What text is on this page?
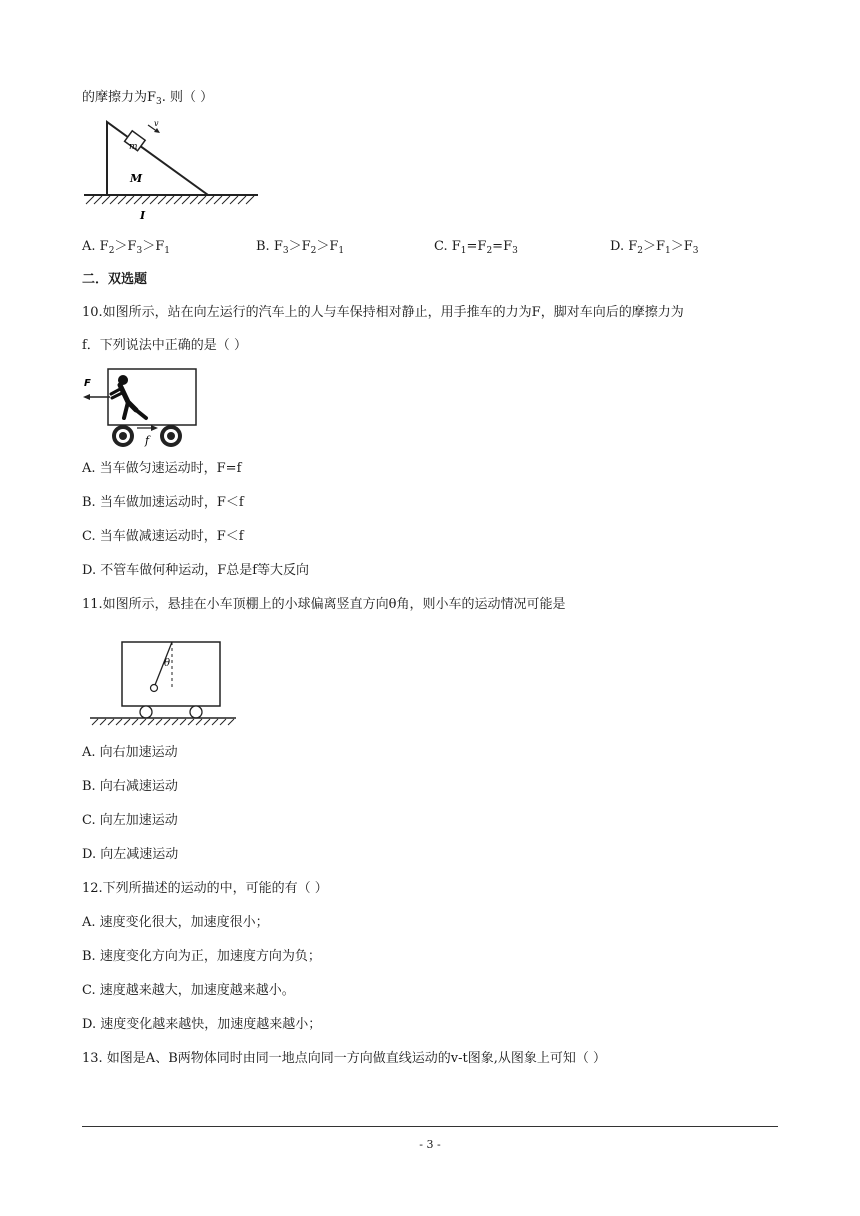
的摩擦力为$F_3$. 则（ ）
m
v
M
I
A. $F_2>F_3>F_1$	B. $F_3>F_2>F_1$	C. $F_1=F_2=F_3$	D. $F_2>F_1>F_3$
二．双选题
10.如图所示，站在向左运行的汽车上的人与车保持相对静止，用手推车的力为F，脚对车向后的摩擦力为
f．下列说法中正确的是（ ）
F
f
A. 当车做匀速运动时，F=f
B. 当车做加速运动时，F＜f
C. 当车做减速运动时，F＜f
D. 不管车做何种运动，F总是f等大反向
11.如图所示，悬挂在小车顶棚上的小球偏离竖直方向θ角，则小车的运动情况可能是
θ
A. 向右加速运动
B. 向右减速运动
C. 向左加速运动
D. 向左减速运动
12.下列所描述的运动的中，可能的有（ ）
A. 速度变化很大，加速度很小；
B. 速度变化方向为正，加速度方向为负；
C. 速度越来越大，加速度越来越小。
D. 速度变化越来越快，加速度越来越小；
13. 如图是A、B两物体同时由同一地点向同一方向做直线运动的v-t图象,从图象上可知（ ）
- 3 -
